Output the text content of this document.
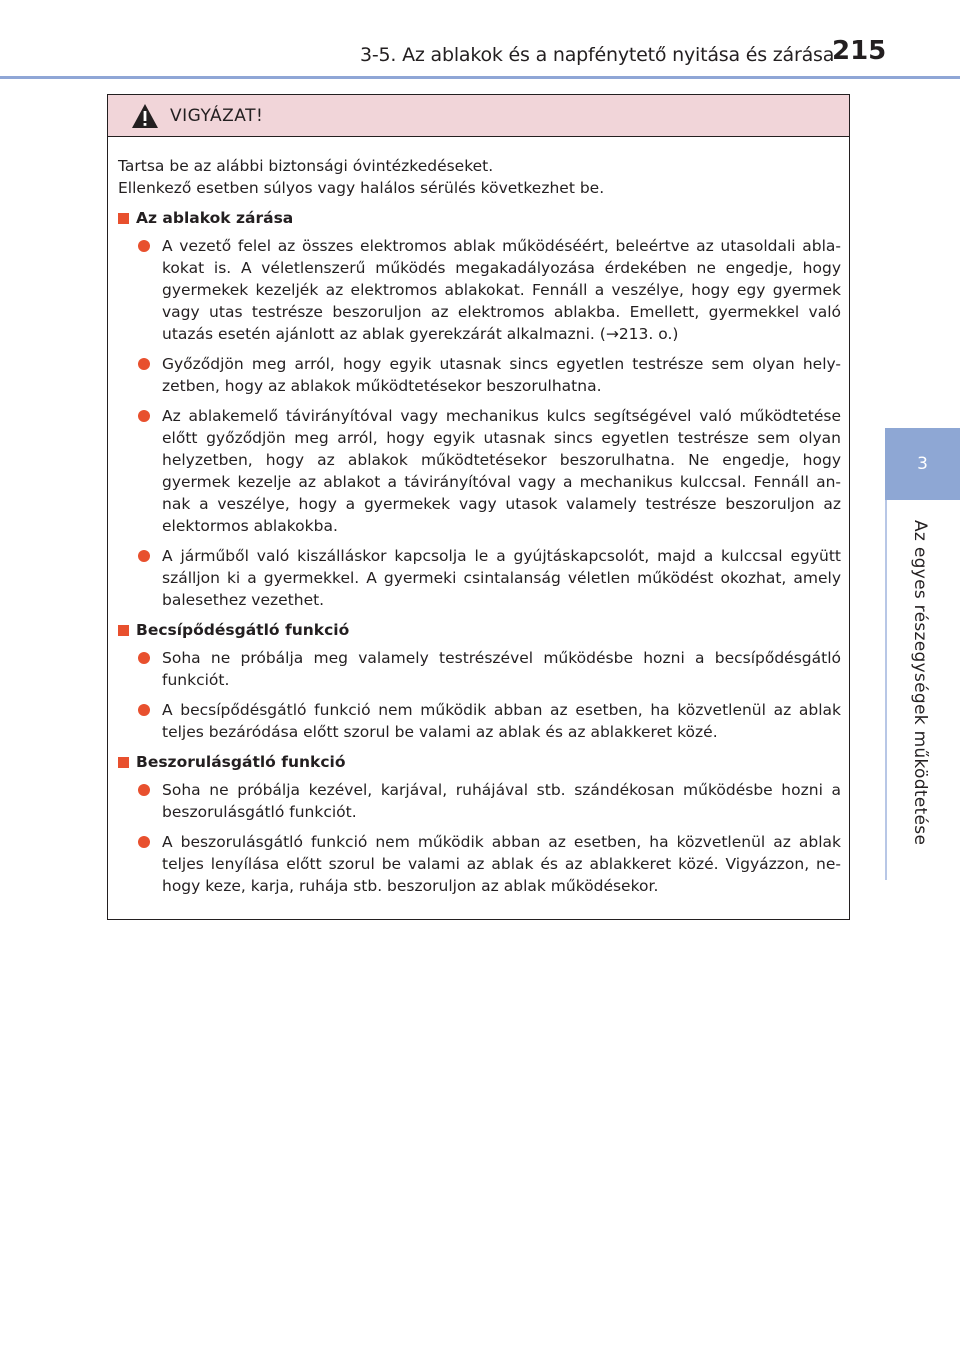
3-5. Az ablakok és a napfénytető nyitása és zárása
215
3
Az egyes részegységek működtetése
VIGYÁZAT!
Tartsa be az alábbi biztonsági óvintézkedéseket.
Ellenkező esetben súlyos vagy halálos sérülés következhet be.
Az ablakok zárása
A vezető felel az összes elektromos ablak működéséért, beleértve az utasoldali abla-kokat is. A véletlenszerű működés megakadályozása érdekében ne engedje, hogy gyermekek kezeljék az elektromos ablakokat. Fennáll a veszélye, hogy egy gyermek vagy utas testrésze beszoruljon az elektromos ablakba. Emellett, gyermekkel való utazás esetén ajánlott az ablak gyerekzárát alkalmazni. (→213. o.)
Győződjön meg arról, hogy egyik utasnak sincs egyetlen testrésze sem olyan hely-zetben, hogy az ablakok működtetésekor beszorulhatna.
Az ablakemelő távirányítóval vagy mechanikus kulcs segítségével való működtetése előtt győződjön meg arról, hogy egyik utasnak sincs egyetlen testrésze sem olyan helyzetben, hogy az ablakok működtetésekor beszorulhatna. Ne engedje, hogy gyermek kezelje az ablakot a távirányítóval vagy a mechanikus kulccsal. Fennáll an-nak a veszélye, hogy a gyermekek vagy utasok valamely testrésze beszoruljon az elektormos ablakokba.
A járműből való kiszálláskor kapcsolja le a gyújtáskapcsolót, majd a kulccsal együtt szálljon ki a gyermekkel. A gyermeki csintalanság véletlen működést okozhat, amely balesethez vezethet.
Becsípődésgátló funkció
Soha ne próbálja meg valamely testrészével működésbe hozni a becsípődésgátló funkciót.
A becsípődésgátló funkció nem működik abban az esetben, ha közvetlenül az ablak teljes bezáródása előtt szorul be valami az ablak és az ablakkeret közé.
Beszorulásgátló funkció
Soha ne próbálja kezével, karjával, ruhájával stb. szándékosan működésbe hozni a beszorulásgátló funkciót.
A beszorulásgátló funkció nem működik abban az esetben, ha közvetlenül az ablak teljes lenyílása előtt szorul be valami az ablak és az ablakkeret közé. Vigyázzon, ne-hogy keze, karja, ruhája stb. beszoruljon az ablak működésekor.
